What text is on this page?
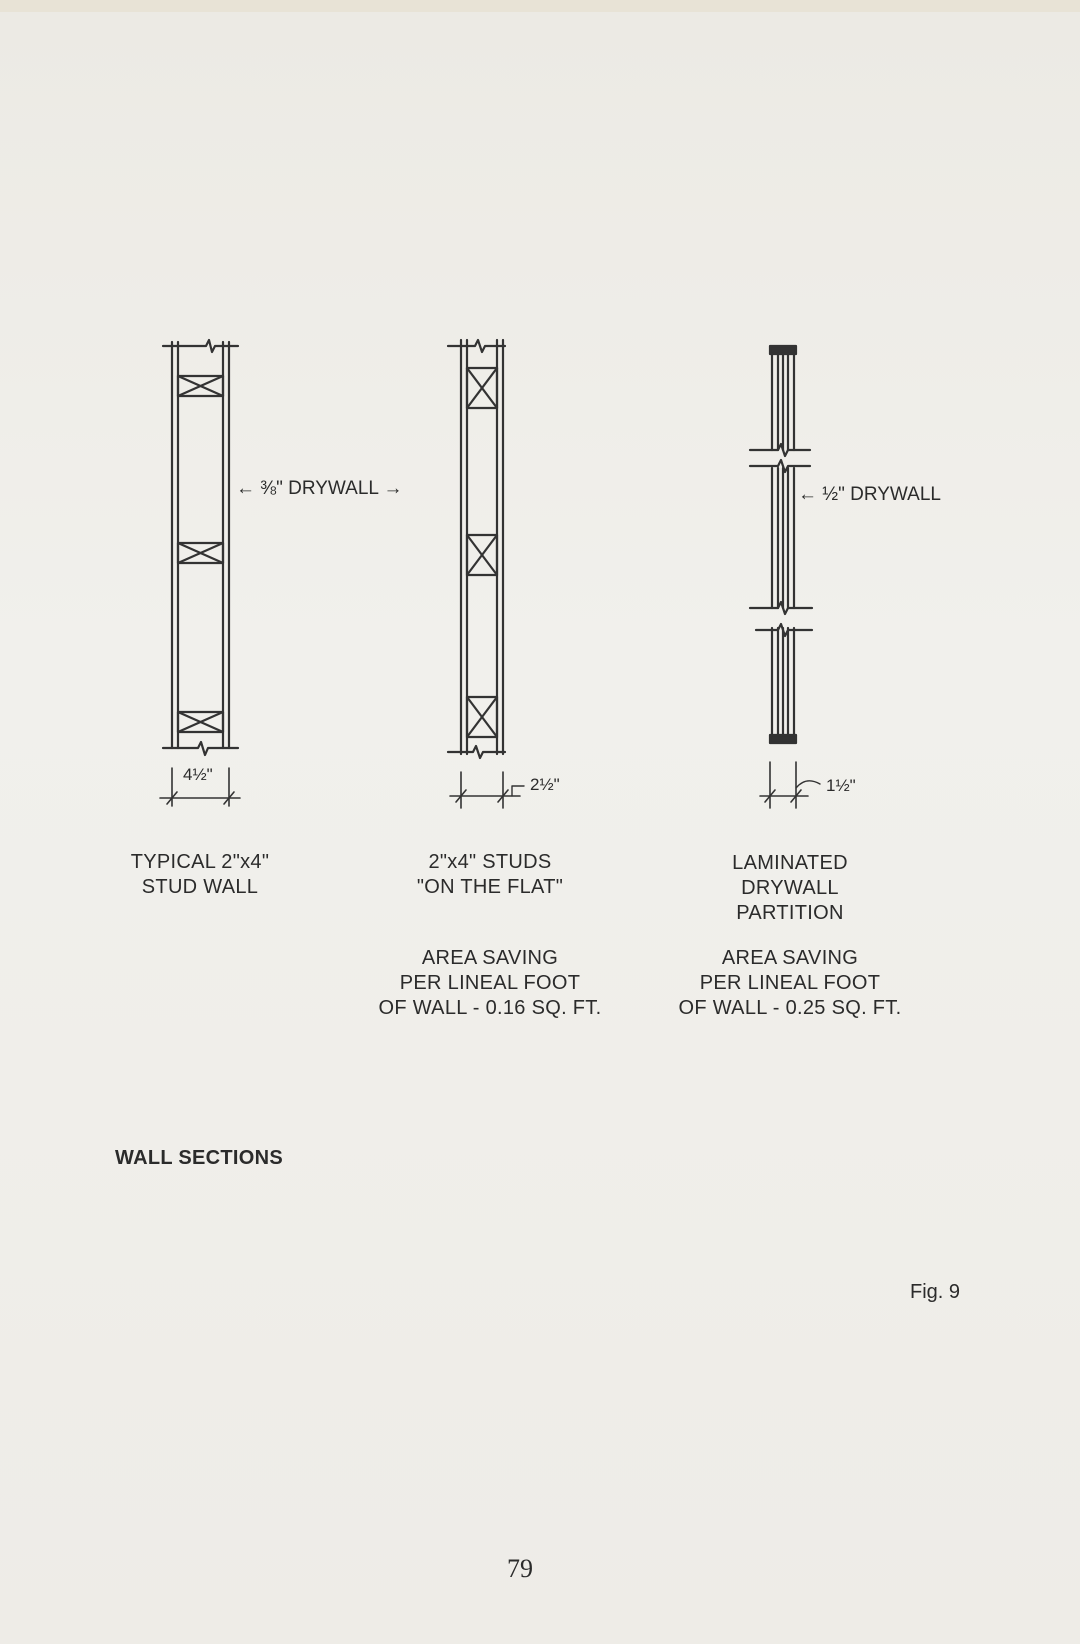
← ⅜" DRYWALL →	← ½" DRYWALL
4½"
2½"	1½"
TYPICAL 2"x4"
STUD WALL
2"x4" STUDS
"ON THE FLAT"
LAMINATED
DRYWALL
PARTITION
AREA SAVING
PER LINEAL FOOT
OF WALL - 0.16 SQ. FT.
AREA SAVING
PER LINEAL FOOT
OF WALL - 0.25 SQ. FT.
WALL SECTIONS
Fig. 9
79
